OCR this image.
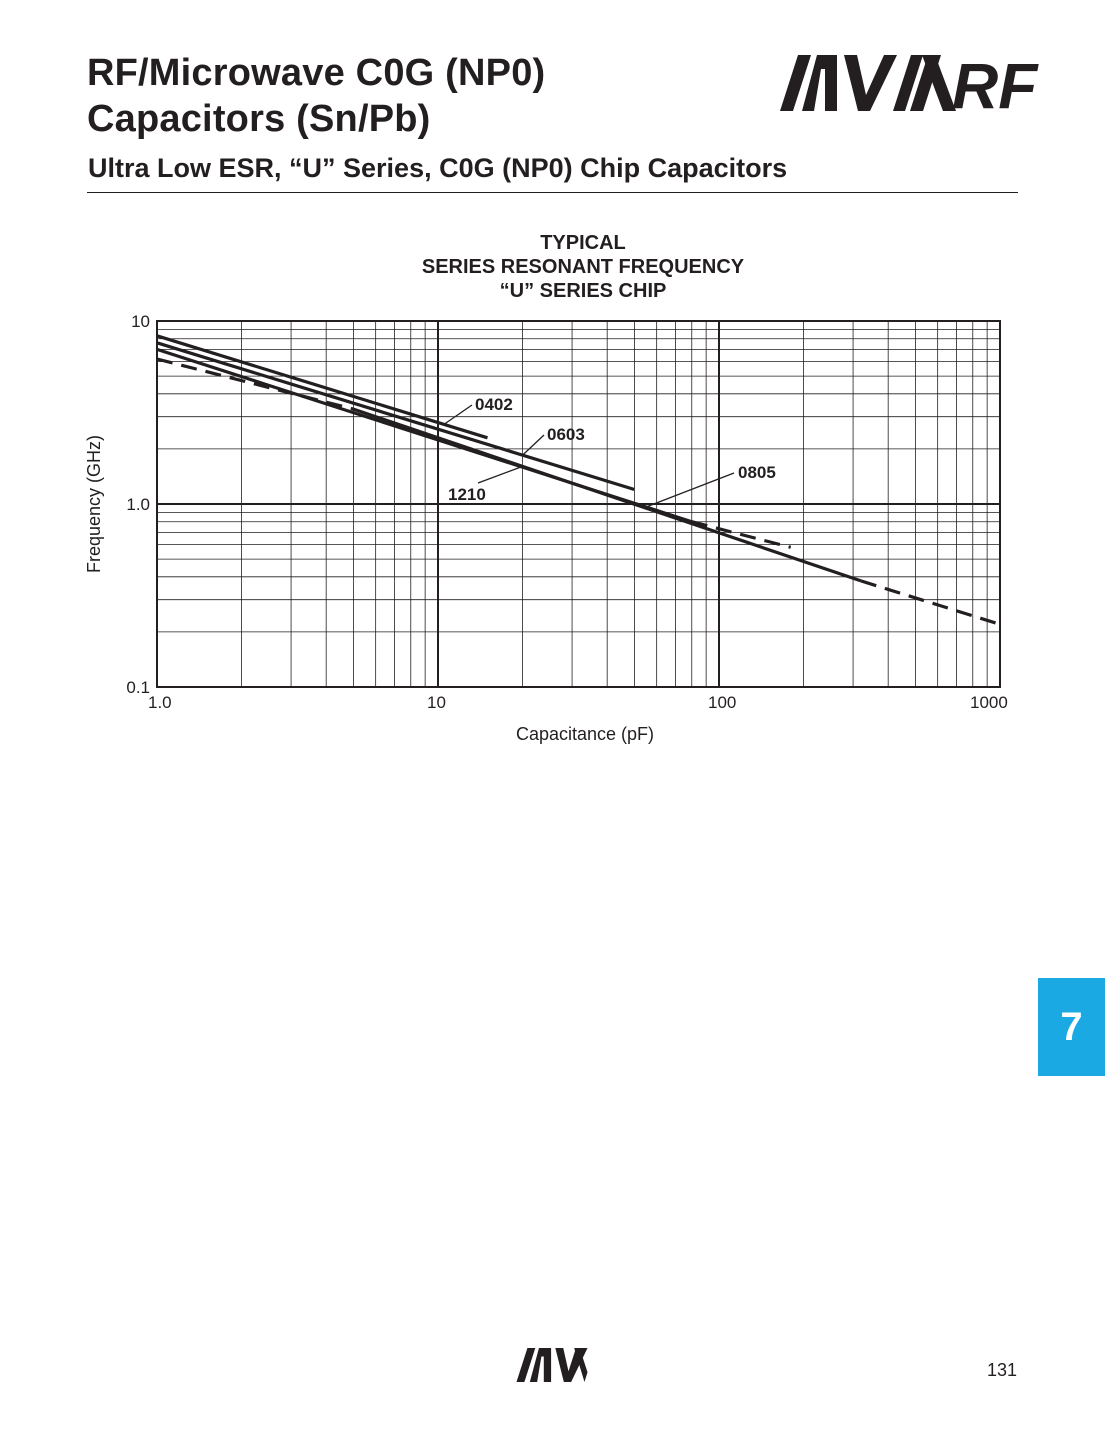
RF/Microwave C0G (NP0)
Capacitors (Sn/Pb)	RF
Ultra Low ESR, “U” Series, C0G (NP0) Chip Capacitors
TYPICAL
SERIES RESONANT FREQUENCY
“U” SERIES CHIP
1.0	10	100	1000
0.1
1.0
10
Capacitance (pF)
Frequency (GHz)
0402
0603
0805
1210
7
131
